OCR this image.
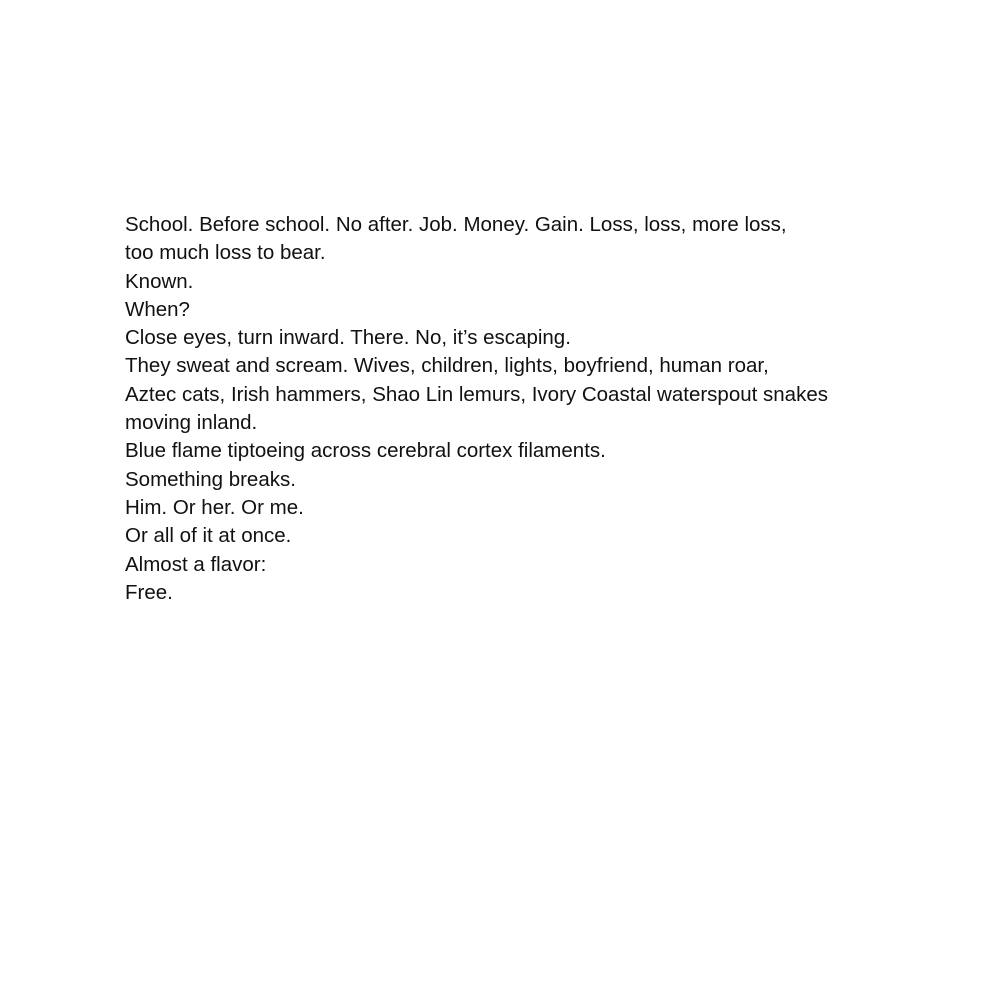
School. Before school. No after. Job. Money. Gain. Loss, loss, more loss,
too much loss to bear.
Known.
When?
Close eyes, turn inward. There. No, it’s escaping.
They sweat and scream. Wives, children, lights, boyfriend, human roar,
Aztec cats, Irish hammers, Shao Lin lemurs, Ivory Coastal waterspout snakes
moving inland.
Blue flame tiptoeing across cerebral cortex filaments.
Something breaks.
Him. Or her. Or me.
Or all of it at once.
Almost a flavor:
Free.
